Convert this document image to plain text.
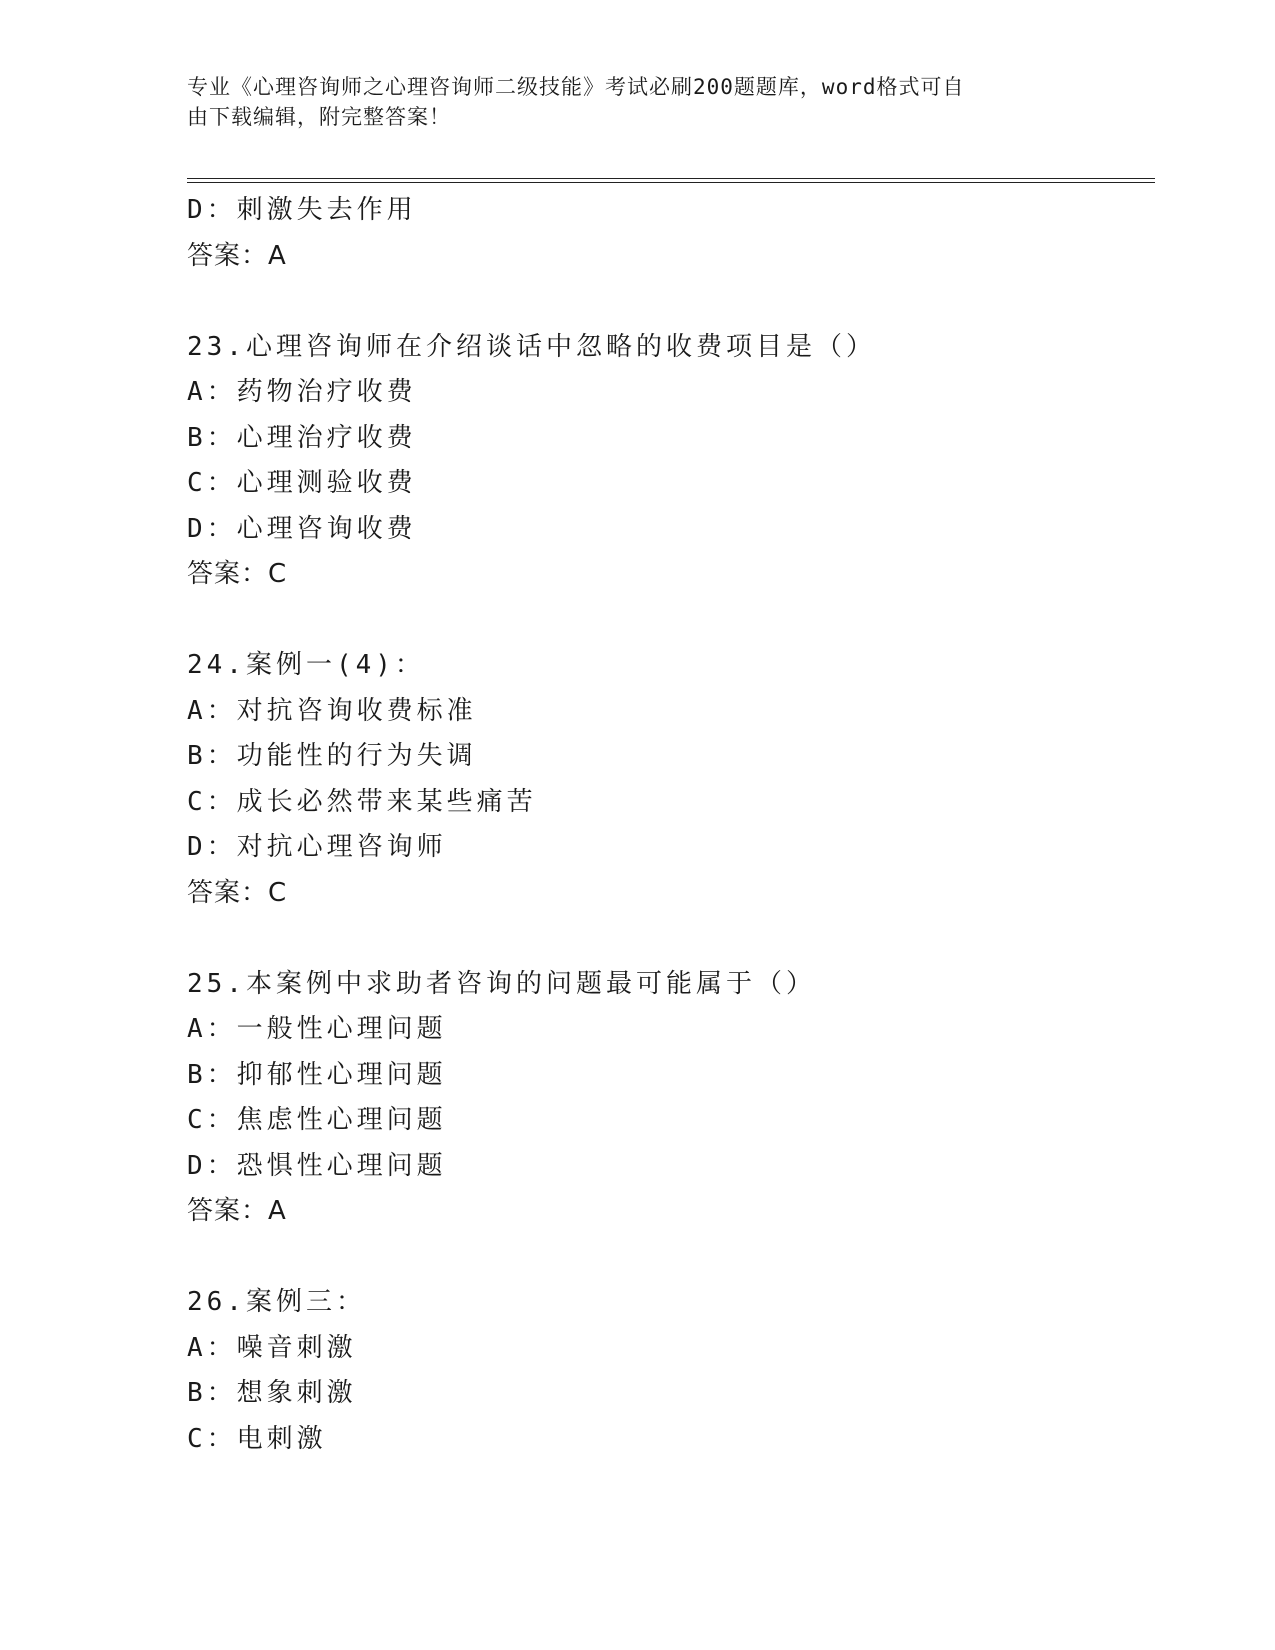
专业《心理咨询师之心理咨询师二级技能》考试必刷200题题库，word格式可自
由下载编辑，附完整答案！
D：刺激失去作用
答案：A
23.心理咨询师在介绍谈话中忽略的收费项目是（）
A：药物治疗收费
B：心理治疗收费
C：心理测验收费
D：心理咨询收费
答案：C
24.案例一(4)：
A：对抗咨询收费标准
B：功能性的行为失调
C：成长必然带来某些痛苦
D：对抗心理咨询师
答案：C
25.本案例中求助者咨询的问题最可能属于（）
A：一般性心理问题
B：抑郁性心理问题
C：焦虑性心理问题
D：恐惧性心理问题
答案：A
26.案例三：
A：噪音刺激
B：想象刺激
C：电刺激
